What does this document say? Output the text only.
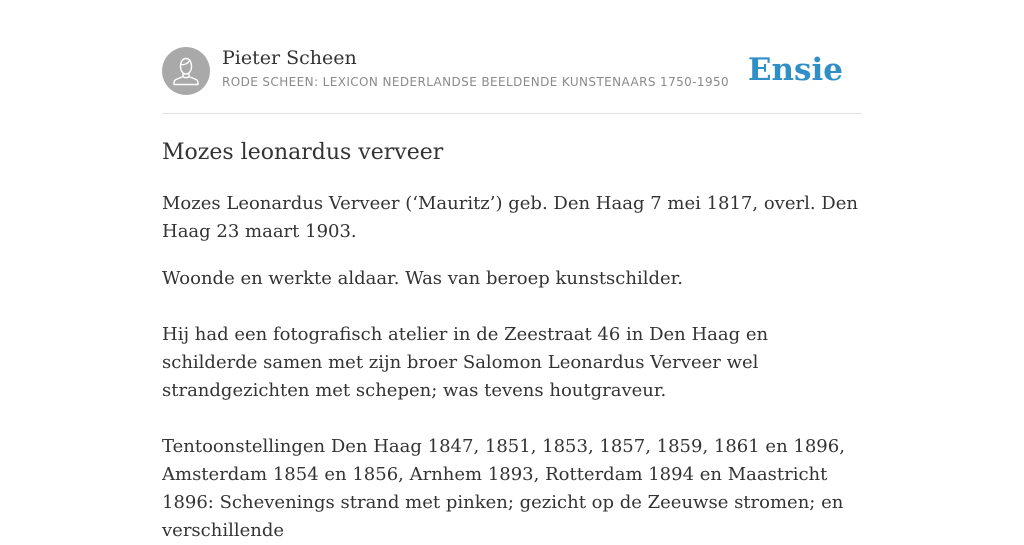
Pieter Scheen
RODE SCHEEN: LEXICON NEDERLANDSE BEELDENDE KUNSTENAARS 1750-1950 Ensie
Mozes leonardus verveer

Mozes Leonardus Verveer (‘Mauritz’) geb. Den Haag 7 mei 1817, overl. Den Haag 23 maart 1903.

Woonde en werkte aldaar. Was van beroep kunstschilder.

Hij had een fotografisch atelier in de Zeestraat 46 in Den Haag en schilderde samen met zijn broer Salomon Leonardus Verveer wel strandgezichten met schepen; was tevens houtgraveur.

Tentoonstellingen Den Haag 1847, 1851, 1853, 1857, 1859, 1861 en 1896, Amsterdam 1854 en 1856, Arnhem 1893, Rotterdam 1894 en Maastricht 1896: Schevenings strand met pinken; gezicht op de Zeeuwse stromen; en verschillende
